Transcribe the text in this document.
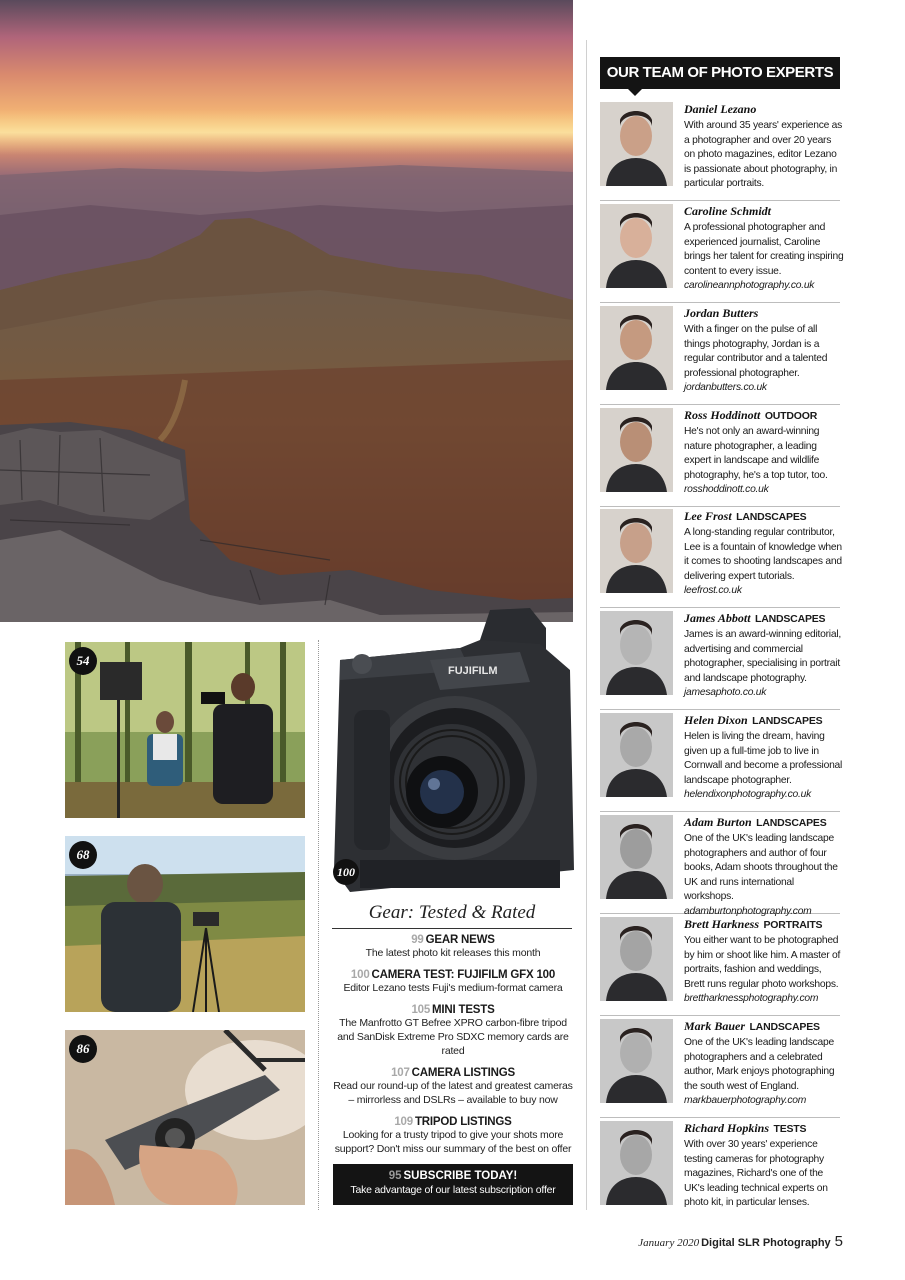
54
68
86
FUJIFILM
100
Gear: Tested & Rated
99 GEAR NEWS
The latest photo kit releases this month
100 CAMERA TEST: FUJIFILM GFX 100
Editor Lezano tests Fuji's medium-format camera
105 MINI TESTS
The Manfrotto GT Befree XPRO carbon-fibre tripod and SanDisk Extreme Pro SDXC memory cards are rated
107 CAMERA LISTINGS
Read our round-up of the latest and greatest cameras – mirrorless and DSLRs – available to buy now
109 TRIPOD LISTINGS
Looking for a trusty tripod to give your shots more support? Don't miss our summary of the best on offer
95 SUBSCRIBE TODAY!
Take advantage of our latest subscription offer
OUR TEAM OF PHOTO EXPERTS
Daniel Lezano
With around 35 years' experience as a photographer and over 20 years on photo magazines, editor Lezano is passionate about photography, in particular portraits.
Caroline Schmidt
A professional photographer and experienced journalist, Caroline brings her talent for creating inspiring content to every issue.
carolineannphotography.co.uk
Jordan Butters
With a finger on the pulse of all things photography, Jordan is a regular contributor and a talented professional photographer.
jordanbutters.co.uk
Ross Hoddinott OUTDOOR
He's not only an award-winning nature photographer, a leading expert in landscape and wildlife photography, he's a top tutor, too.
rosshoddinott.co.uk
Lee Frost LANDSCAPES
A long-standing regular contributor, Lee is a fountain of knowledge when it comes to shooting landscapes and delivering expert tutorials.
leefrost.co.uk
James Abbott LANDSCAPES
James is an award-winning editorial, advertising and commercial photographer, specialising in portrait and landscape photography.
jamesaphoto.co.uk
Helen Dixon LANDSCAPES
Helen is living the dream, having given up a full-time job to live in Cornwall and become a professional landscape photographer.
helendixonphotography.co.uk
Adam Burton LANDSCAPES
One of the UK's leading landscape photographers and author of four books, Adam shoots throughout the UK and runs international workshops.
adamburtonphotography.com
Brett Harkness PORTRAITS
You either want to be photographed by him or shoot like him. A master of portraits, fashion and weddings, Brett runs regular photo workshops.
brettharknessphotography.com
Mark Bauer LANDSCAPES
One of the UK's leading landscape photographers and a celebrated author, Mark enjoys photographing the south west of England.
markbauerphotography.com
Richard Hopkins TESTS
With over 30 years' experience testing cameras for photography magazines, Richard's one of the UK's leading technical experts on photo kit, in particular lenses.
January 2020 Digital SLR Photography 5
